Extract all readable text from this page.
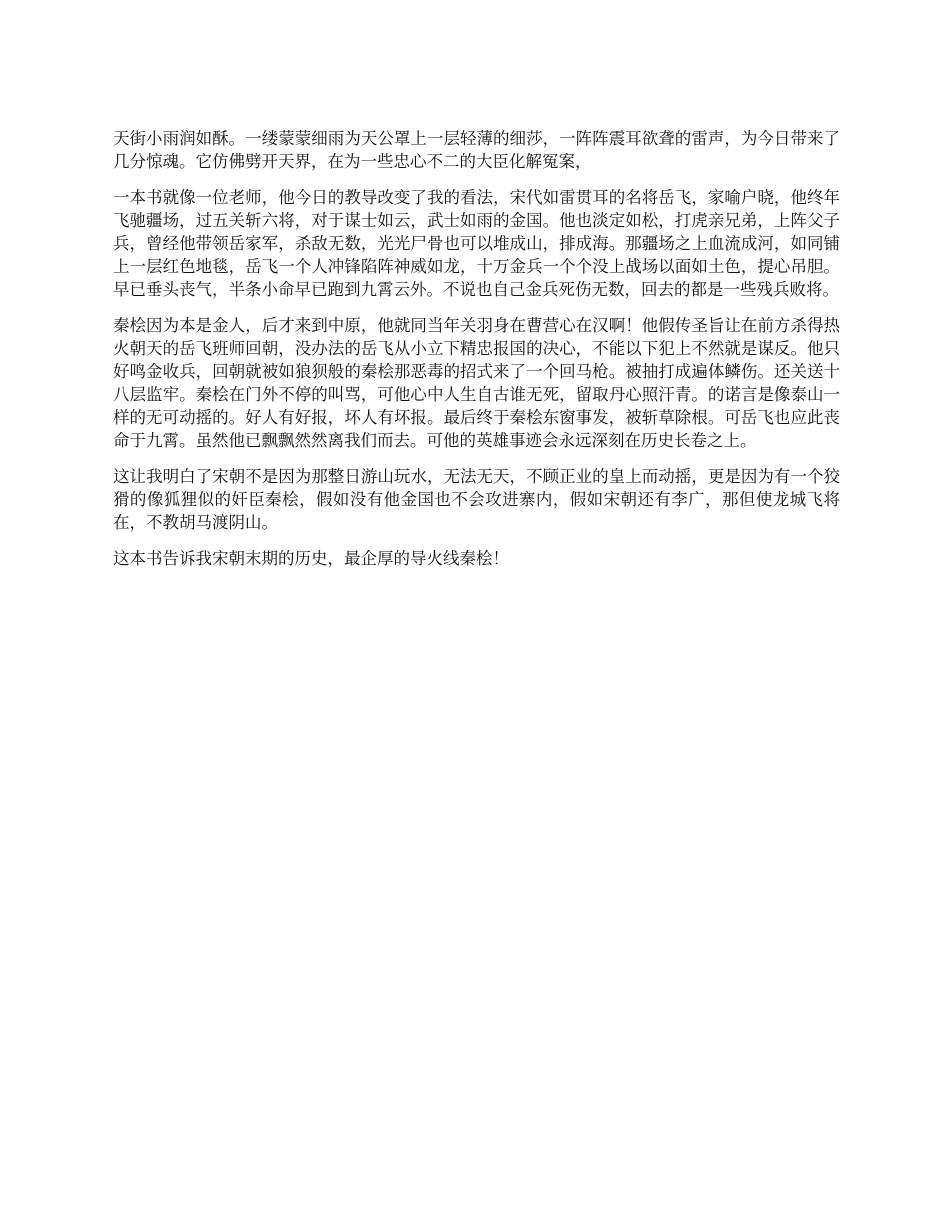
天街小雨润如酥。一缕蒙蒙细雨为天公罩上一层轻薄的细莎，一阵阵震耳欲聋的雷声，为今日带来了几分惊魂。它仿佛劈开天界，在为一些忠心不二的大臣化解冤案，

一本书就像一位老师，他今日的教导改变了我的看法，宋代如雷贯耳的名将岳飞，家喻户晓，他终年飞驰疆场，过五关斩六将，对于谋士如云，武士如雨的金国。他也淡定如松，打虎亲兄弟，上阵父子兵，曾经他带领岳家军，杀敌无数，光光尸骨也可以堆成山，排成海。那疆场之上血流成河，如同铺上一层红色地毯，岳飞一个人冲锋陷阵神威如龙，十万金兵一个个没上战场以面如土色，提心吊胆。早已垂头丧气，半条小命早已跑到九霄云外。不说也自己金兵死伤无数，回去的都是一些残兵败将。

秦桧因为本是金人，后才来到中原，他就同当年关羽身在曹营心在汉啊！他假传圣旨让在前方杀得热火朝天的岳飞班师回朝，没办法的岳飞从小立下精忠报国的决心，不能以下犯上不然就是谋反。他只好鸣金收兵，回朝就被如狼狈般的秦桧那恶毒的招式来了一个回马枪。被抽打成遍体鳞伤。还关送十八层监牢。秦桧在门外不停的叫骂，可他心中人生自古谁无死，留取丹心照汗青。的诺言是像泰山一样的无可动摇的。好人有好报，坏人有坏报。最后终于秦桧东窗事发，被斩草除根。可岳飞也应此丧命于九霄。虽然他已飘飘然然离我们而去。可他的英雄事迹会永远深刻在历史长卷之上。

这让我明白了宋朝不是因为那整日游山玩水，无法无天，不顾正业的皇上而动摇，更是因为有一个狡猾的像狐狸似的奸臣秦桧，假如没有他金国也不会攻进寨内，假如宋朝还有李广，那但使龙城飞将在，不教胡马渡阴山。

这本书告诉我宋朝末期的历史，最企厚的导火线秦桧！
